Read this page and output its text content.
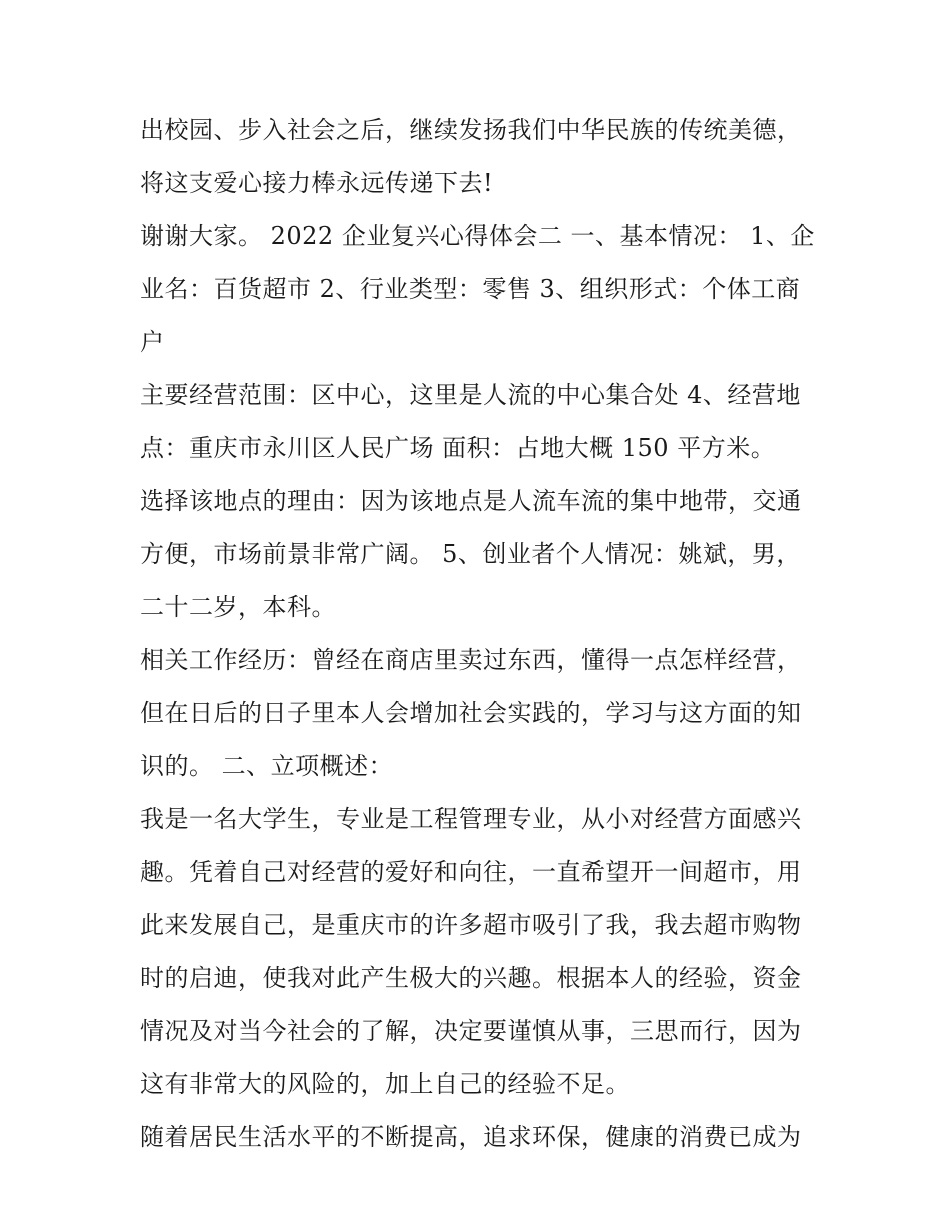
出校园、步入社会之后，继续发扬我们中华民族的传统美德，
将这支爱心接力棒永远传递下去!
谢谢大家。 2022 企业复兴心得体会二 一、基本情况： 1、企
业名：百货超市 2、行业类型：零售 3、组织形式：个体工商
户
主要经营范围：区中心，这里是人流的中心集合处 4、经营地
点：重庆市永川区人民广场 面积：占地大概 150 平方米。
选择该地点的理由：因为该地点是人流车流的集中地带，交通
方便，市场前景非常广阔。 5、创业者个人情况：姚斌，男，
二十二岁，本科。
相关工作经历：曾经在商店里卖过东西，懂得一点怎样经营，
但在日后的日子里本人会增加社会实践的，学习与这方面的知
识的。 二、立项概述：
我是一名大学生，专业是工程管理专业，从小对经营方面感兴
趣。凭着自己对经营的爱好和向往，一直希望开一间超市，用
此来发展自己，是重庆市的许多超市吸引了我，我去超市购物
时的启迪，使我对此产生极大的兴趣。根据本人的经验，资金
情况及对当今社会的了解，决定要谨慎从事，三思而行，因为
这有非常大的风险的，加上自己的经验不足。
随着居民生活水平的不断提高，追求环保，健康的消费已成为
